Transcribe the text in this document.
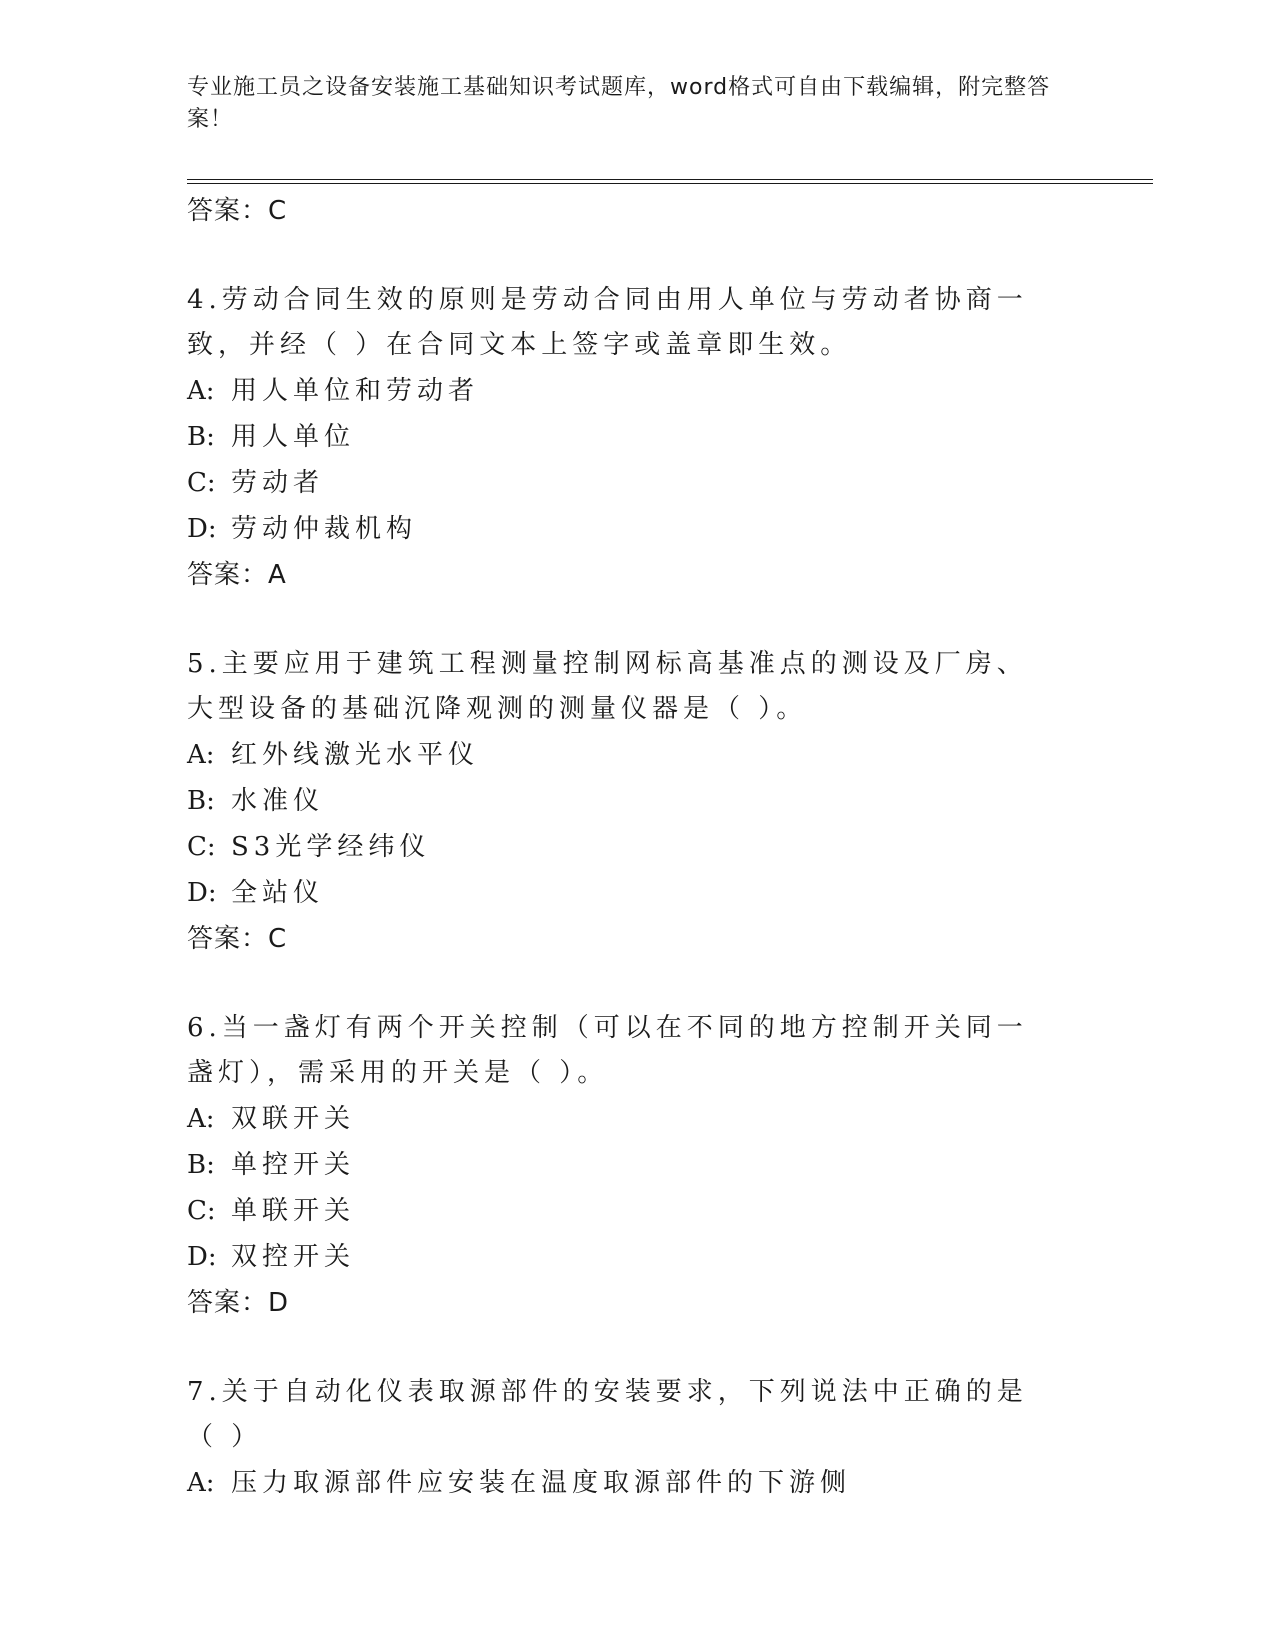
专业施工员之设备安装施工基础知识考试题库，word格式可自由下载编辑，附完整答案！
答案：C
4.劳动合同生效的原则是劳动合同由用人单位与劳动者协商一致，并经（ ）在合同文本上签字或盖章即生效。
A: 用人单位和劳动者
B: 用人单位
C: 劳动者
D: 劳动仲裁机构
答案：A
5.主要应用于建筑工程测量控制网标高基准点的测设及厂房、大型设备的基础沉降观测的测量仪器是（ ）。
A: 红外线激光水平仪
B: 水准仪
C: S3光学经纬仪
D: 全站仪
答案：C
6.当一盏灯有两个开关控制（可以在不同的地方控制开关同一盏灯），需采用的开关是（ ）。
A: 双联开关
B: 单控开关
C: 单联开关
D: 双控开关
答案：D
7.关于自动化仪表取源部件的安装要求，下列说法中正确的是（ ）
A: 压力取源部件应安装在温度取源部件的下游侧
